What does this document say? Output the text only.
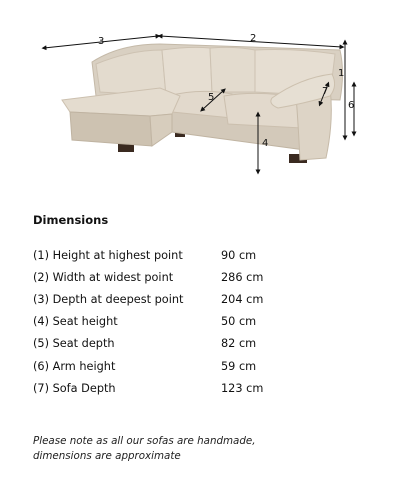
3	2
1
6
7
5
4
Dimensions
(1) Height at highest point	90 cm
(2) Width at widest point	286 cm
(3) Depth at deepest point	204 cm
(4) Seat height	50 cm
(5) Seat depth	82 cm
(6) Arm height	59 cm
(7) Sofa Depth	123 cm

Please note as all our sofas are handmade,
dimensions are approximate
